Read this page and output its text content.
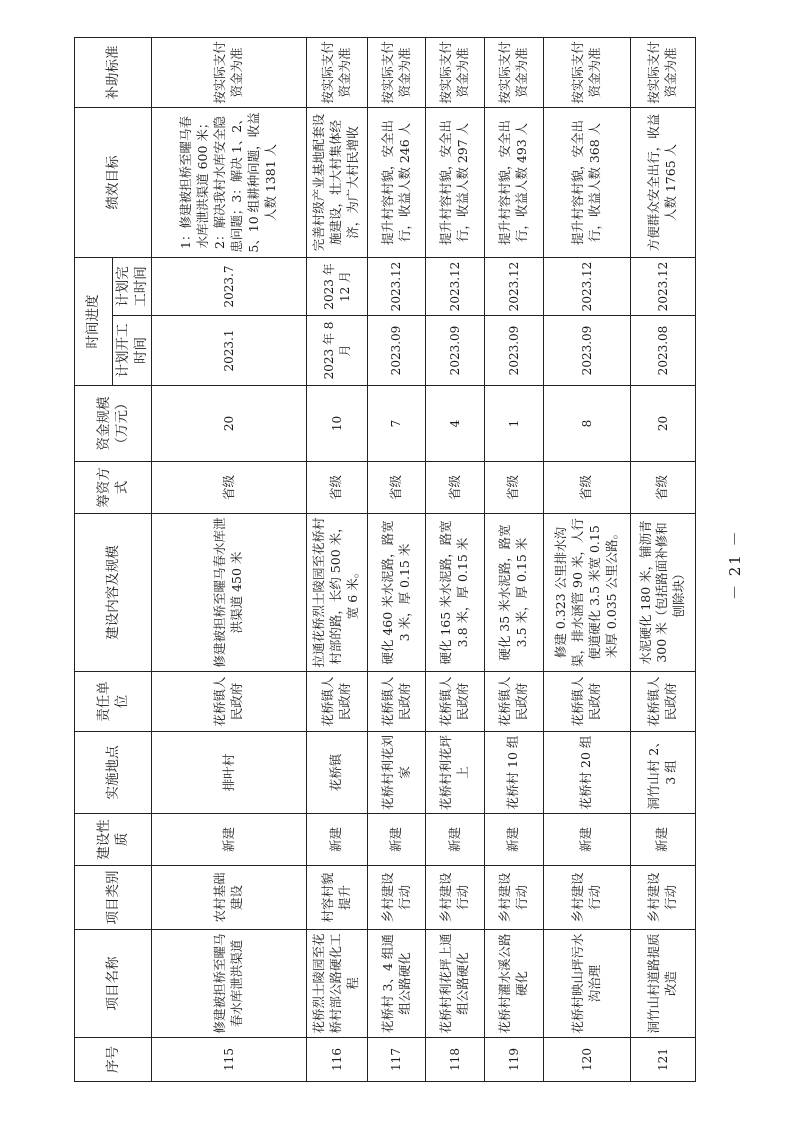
序号	项目名称	项目类别	建设性质	实施地点	责任单位	建设内容及规模	筹资方式	资金规模（万元）	时间进度		绩效目标	补助标准
									计划开工时间	计划完工时间		
115	修建被担桥至曜马春水库泄洪渠道	农村基础建设	新建	排叶村	花桥镇人民政府	修建被担桥至曜马春水库泄洪渠道 450 米	省级	20	2023.1	2023.7	1：修建被担桥至曜马春水库泄洪渠道 600 米；2：解决我村水库安全隐患问题；3：解决 1、2、5、10 组耕种问题，收益人数 1381 人	按实际支付资金为准
116	花桥烈士陵园至花桥村部公路硬化工程	村容村貌提升	新建	花桥镇	花桥镇人民政府	拉通花桥烈士陵园至花桥村村部的路，长约 500 米，宽 6 米。	省级	10	2023 年 8 月	2023 年 12 月	完善村级产业基地配套设施建设，壮大村集体经济，为广大村民增收	按实际支付资金为准
117	花桥村 3、4 组通组公路硬化	乡村建设行动	新建	花桥村利花刘家	花桥镇人民政府	硬化 460 米水泥路，路宽 3 米，厚 0.15 米	省级	7	2023.09	2023.12	提升村容村貌，安全出行，收益人数 246 人	按实际支付资金为准
118	花桥村利花坪上通组公路硬化	乡村建设行动	新建	花桥村利花坪上	花桥镇人民政府	硬化 165 米水泥路，路宽 3.8 米，厚 0.15 米	省级	4	2023.09	2023.12	提升村容村貌，安全出行，收益人数 297 人	按实际支付资金为准
119	花桥村濯水溪公路硬化	乡村建设行动	新建	花桥村 10 组	花桥镇人民政府	硬化 35 米水泥路，路宽 3.5 米，厚 0.15 米	省级	1	2023.09	2023.12	提升村容村貌，安全出行，收益人数 493 人	按实际支付资金为准
120	花桥村映山坪污水沟治理	乡村建设行动	新建	花桥村 20 组	花桥镇人民政府	修建 0.323 公里排水沟渠，排水涵管 90 米，人行便道硬化 3.5 米宽 0.15 米厚 0.035 公里公路。	省级	8	2023.09	2023.12	提升村容村貌，安全出行，收益人数 368 人	按实际支付资金为准
121	洞竹山村道路提质改造	乡村建设行动	新建	洞竹山村 2、3 组	花桥镇人民政府	水泥硬化 180 米，铺沥青 300 米（包括路面补修和刨除块）	省级	20	2023.08	2023.12	方便群众安全出行，收益人数 1765 人	按实际支付资金为准
－ 21 －
